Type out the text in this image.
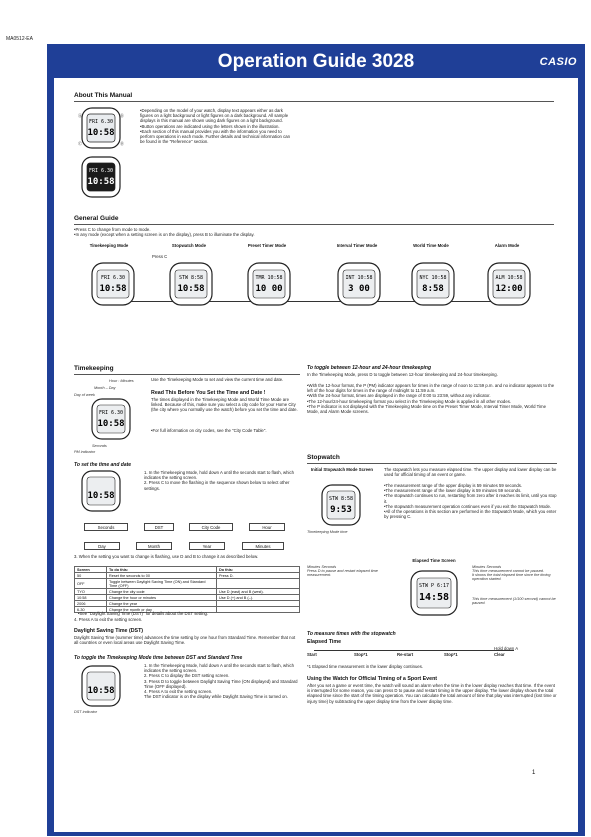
MA0512-EA
Operation Guide 3028	CASIO
About This Manual
FRI 6.30
10:58
Ⓐ	Ⓓ
Ⓒ	Ⓑ
FRI 6.30
10:58
• Depending on the model of your watch, display text appears either as dark figures on a light background or light figures on a dark background. All sample displays in this manual are shown using dark figures on a light background.
• Button operations are indicated using the letters shown in the illustration.
• Each section of this manual provides you with the information you need to perform operations in each mode. Further details and technical information can be found in the "Reference" section.
General Guide
• Press C to change from mode to mode.
• In any mode (except when a setting screen is on the display), press B to illuminate the display.
Timekeeping Mode	Stopwatch Mode	Preset Timer Mode	Interval Timer Mode	World Time Mode	Alarm Mode
Press C
FRI 6.30
10:58
STW 8:58
10:58
TMR 10:58
10 00
INT 10:58
3 00
NYC 10:58
8:58
ALM 10:58
12:00
Timekeeping
Hour : Minutes
Month – Day
Day of week
FRI 6.30
10:58
Seconds
PM indicator
Use the Timekeeping Mode to set and view the current time and date.
Read This Before You Set the Time and Date !
The times displayed in the Timekeeping Mode and World Time Mode are linked. Because of this, make sure you select a city code for your Home City (the city where you normally use the watch) before you set the time and date.
• For full information on city codes, see the "City Code Table".
To set the time and date
10:58
1. In the Timekeeping Mode, hold down A until the seconds start to flash, which indicates the setting screen.
2. Press C to move the flashing in the sequence shown below to select other settings.
Seconds	DST	City Code	Hour
Day	Month	Year	Minutes
3. When the setting you want to change is flashing, use D and B to change it as described below.
Screen	To do this:	Do this:
50	Reset the seconds to 00	Press D.
OFF	Toggle between Daylight Saving Time (ON) and Standard Time (OFF)	
TYO	Change the city code	Use D (east) and B (west).
10:58	Change the hour or minutes	Use D (+) and B (–).
2006	Change the year	
6-30	Change the month or day	
• See "Daylight Saving Time (DST)" for details about the DST setting.
4. Press A to exit the setting screen.
Daylight Saving Time (DST)
Daylight Saving Time (summer time) advances the time setting by one hour from Standard Time. Remember that not all countries or even local areas use Daylight Saving Time.
To toggle the Timekeeping Mode time between DST and Standard Time
10:58
DST indicator
1. In the Timekeeping Mode, hold down A until the seconds start to flash, which indicates the setting screen.
2. Press C to display the DST setting screen.
3. Press D to toggle between Daylight Saving Time (ON displayed) and Standard Time (OFF displayed).
4. Press A to exit the setting screen.
The DST indicator is on the display while Daylight Saving Time is turned on.
To toggle between 12-hour and 24-hour timekeeping
In the Timekeeping Mode, press D to toggle between 12-hour timekeeping and 24-hour timekeeping.
• With the 12-hour format, the P (PM) indicator appears for times in the range of noon to 11:59 p.m. and no indicator appears to the left of the hour digits for times in the range of midnight to 11:59 a.m.
• With the 24-hour format, times are displayed in the range of 0:00 to 23:59, without any indicator.
• The 12-hour/24-hour timekeeping format you select in the Timekeeping Mode is applied in all other modes.
• The P indicator is not displayed with the Timekeeping Mode time on the Preset Timer Mode, Interval Timer Mode, World Time Mode, and Alarm Mode screens.
Stopwatch
Initial Stopwatch Mode Screen
STW 8:58
9:53
Timekeeping Mode time
The stopwatch lets you measure elapsed time. The upper display and lower display can be used for official timing of an event or game.
• The measurement range of the upper display is 59 minutes 59 seconds.
• The measurement range of the lower display is 59 minutes 59 seconds.
• The stopwatch continues to run, restarting from zero after it reaches its limit, until you stop it.
• The stopwatch measurement operation continues even if you exit the Stopwatch Mode.
• All of the operations in this section are performed in the Stopwatch Mode, which you enter by pressing C.
Elapsed Time Screen
Minutes Seconds
Press D to pause and restart elapsed time measurement.
STW P 6:17
14:58
Minutes Seconds
This time measurement cannot be paused.
It shows the total elapsed time since the timing operation started.
This time measurement (1/100 second) cannot be paused.
To measure times with the stopwatch
Elapsed Time
Start	Stop*1	Re-start	Stop*1
Hold down A
Clear
*1 Elapsed time measurement in the lower display continues.
Using the Watch for Official Timing of a Sport Event
After you set a game or event time, the watch will sound an alarm when the time in the lower display reaches that time. If the event is interrupted for some reason, you can press D to pause and restart timing in the upper display. The lower display shows the total elapsed time since the start of the timing operation. You can calculate the total amount of time that play was interrupted (lost time or injury time) by subtracting the upper display time from the lower display time.
1
